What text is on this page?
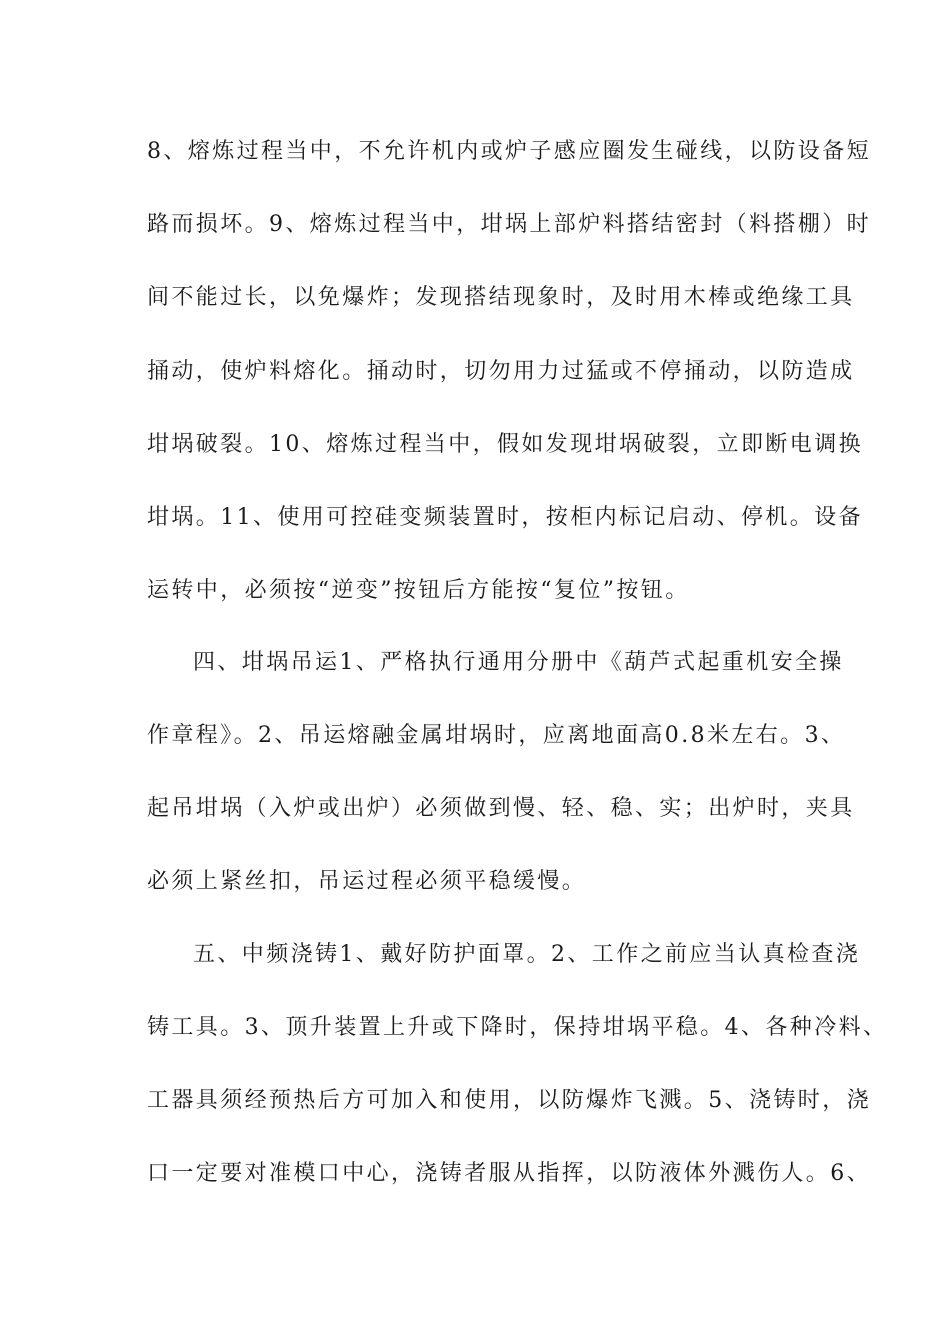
8、熔炼过程当中，不允许机内或炉子感应圈发生碰线，以防设备短
路而损坏。9、熔炼过程当中，坩埚上部炉料搭结密封（料搭棚）时
间不能过长，以免爆炸；发现搭结现象时，及时用木棒或绝缘工具
捅动，使炉料熔化。捅动时，切勿用力过猛或不停捅动，以防造成
坩埚破裂。10、熔炼过程当中，假如发现坩埚破裂，立即断电调换
坩埚。11、使用可控硅变频装置时，按柜内标记启动、停机。设备
运转中，必须按“逆变”按钮后方能按“复位”按钮。
四、坩埚吊运1、严格执行通用分册中《葫芦式起重机安全操
作章程》。2、吊运熔融金属坩埚时，应离地面高0.8米左右。3、
起吊坩埚（入炉或出炉）必须做到慢、轻、稳、实；出炉时，夹具
必须上紧丝扣，吊运过程必须平稳缓慢。
五、中频浇铸1、戴好防护面罩。2、工作之前应当认真检查浇
铸工具。3、顶升装置上升或下降时，保持坩埚平稳。4、各种冷料、
工器具须经预热后方可加入和使用，以防爆炸飞溅。5、浇铸时，浇
口一定要对准模口中心，浇铸者服从指挥，以防液体外溅伤人。6、
